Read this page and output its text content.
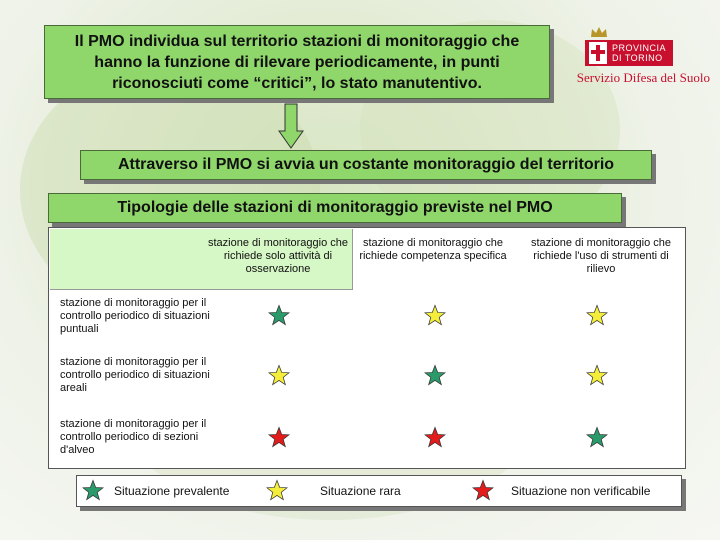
Il PMO individua sul territorio stazioni di monitoraggio che
hanno la funzione di rilevare periodicamente, in punti
riconosciuti come “critici”, lo stato manutentivo.
PROVINCIA
DI TORINO
Servizio Difesa del Suolo
Attraverso il PMO si avvia un costante monitoraggio del territorio
Tipologie delle stazioni di monitoraggio previste nel PMO
stazione di monitoraggio che richiede solo attività di osservazione
stazione di monitoraggio che richiede competenza specifica
stazione di monitoraggio che richiede l'uso di strumenti di rilievo
stazione di monitoraggio per il controllo periodico di situazioni puntuali
stazione di monitoraggio per il controllo periodico di situazioni areali
stazione di monitoraggio per il controllo periodico di sezioni d'alveo
Situazione prevalente	Situazione rara	Situazione non verificabile
